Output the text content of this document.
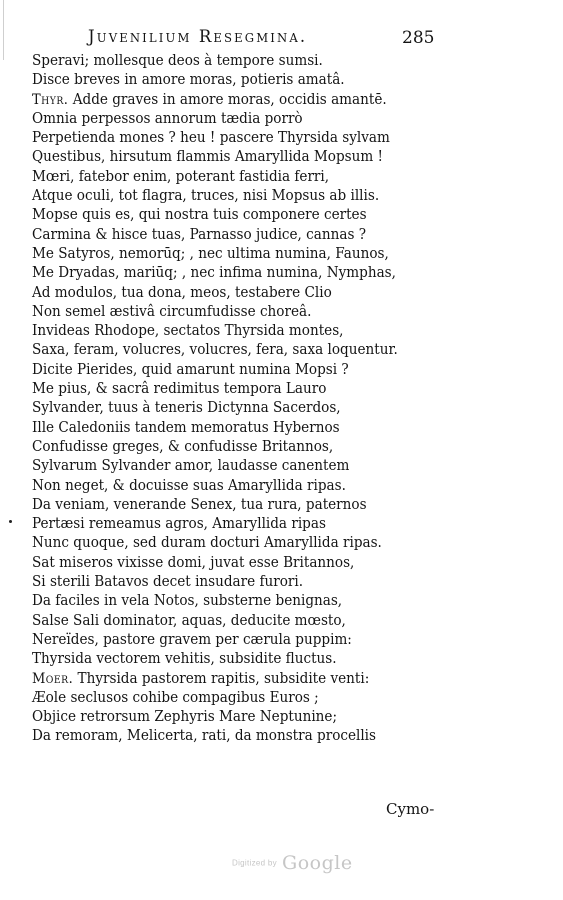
Juvenilium Resegmina.	285
Speravi; mollesque deos à tempore sumsi.
Disce breves in amore moras, potieris amatâ.
Thyr. Adde graves in amore moras, occidis amantē.
Omnia perpessos annorum tædia porrò
Perpetienda mones ? heu ! pascere Thyrsida sylvam
Questibus, hirsutum flammis Amaryllida Mopsum !
Mœri, fatebor enim, poterant fastidia ferri,
Atque oculi, tot flagra, truces, nisi Mopsus ab illis.
Mopse quis es, qui nostra tuis componere certes
Carmina & hisce tuas, Parnasso judice, cannas ?
Me Satyros, nemorūq; , nec ultima numina, Faunos,
Me Dryadas, mariūq; , nec infima numina, Nymphas,
Ad modulos, tua dona, meos, testabere Clio
Non semel æstivâ circumfudisse choreâ.
Invideas Rhodope, sectatos Thyrsida montes,
Saxa, feram, volucres, volucres, fera, saxa loquentur.
Dicite Pierides, quid amarunt numina Mopsi ?
Me pius, & sacrâ redimitus tempora Lauro
Sylvander, tuus à teneris Dictynna Sacerdos,
Ille Caledoniis tandem memoratus Hybernos
Confudisse greges, & confudisse Britannos,
Sylvarum Sylvander amor, laudasse canentem
Non neget, & docuisse suas Amaryllida ripas.
Da veniam, venerande Senex, tua rura, paternos
Pertæsi remeamus agros, Amaryllida ripas
Nunc quoque, sed duram docturi Amaryllida ripas.
Sat miseros vixisse domi, juvat esse Britannos,
Si sterili Batavos decet insudare furori.
Da faciles in vela Notos, substerne benignas,
Salse Sali dominator, aquas, deducite mœsto,
Nereïdes, pastore gravem per cærula puppim:
Thyrsida vectorem vehitis, subsidite fluctus.
Moer. Thyrsida pastorem rapitis, subsidite venti:
Æole seclusos cohibe compagibus Euros ;
Objice retrorsum Zephyris Mare Neptunine;
Da remoram, Melicerta, rati, da monstra procellis
Cymo-
Digitized by Google
